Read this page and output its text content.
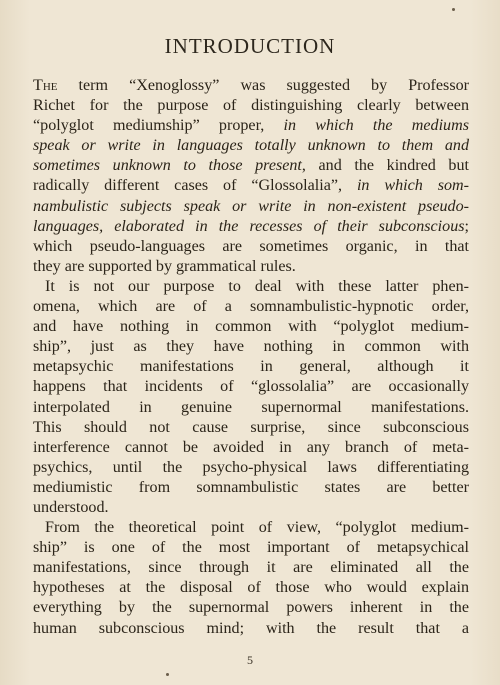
INTRODUCTION
The term “Xenoglossy” was suggested by Professor
Richet for the purpose of distinguishing clearly between
“polyglot mediumship” proper, in which the mediums
speak or write in languages totally unknown to them and
sometimes unknown to those present, and the kindred but
radically different cases of “Glossolalia”, in which som-
nambulistic subjects speak or write in non-existent pseudo-
languages, elaborated in the recesses of their subconscious;
which pseudo-languages are sometimes organic, in that
they are supported by grammatical rules.
It is not our purpose to deal with these latter phen-
omena, which are of a somnambulistic-hypnotic order,
and have nothing in common with “polyglot medium-
ship”, just as they have nothing in common with
metapsychic manifestations in general, although it
happens that incidents of “glossolalia” are occasionally
interpolated in genuine supernormal manifestations.
This should not cause surprise, since subconscious
interference cannot be avoided in any branch of meta-
psychics, until the psycho-physical laws differentiating
mediumistic from somnambulistic states are better
understood.
From the theoretical point of view, “polyglot medium-
ship” is one of the most important of metapsychical
manifestations, since through it are eliminated all the
hypotheses at the disposal of those who would explain
everything by the supernormal powers inherent in the
human subconscious mind; with the result that a
5
